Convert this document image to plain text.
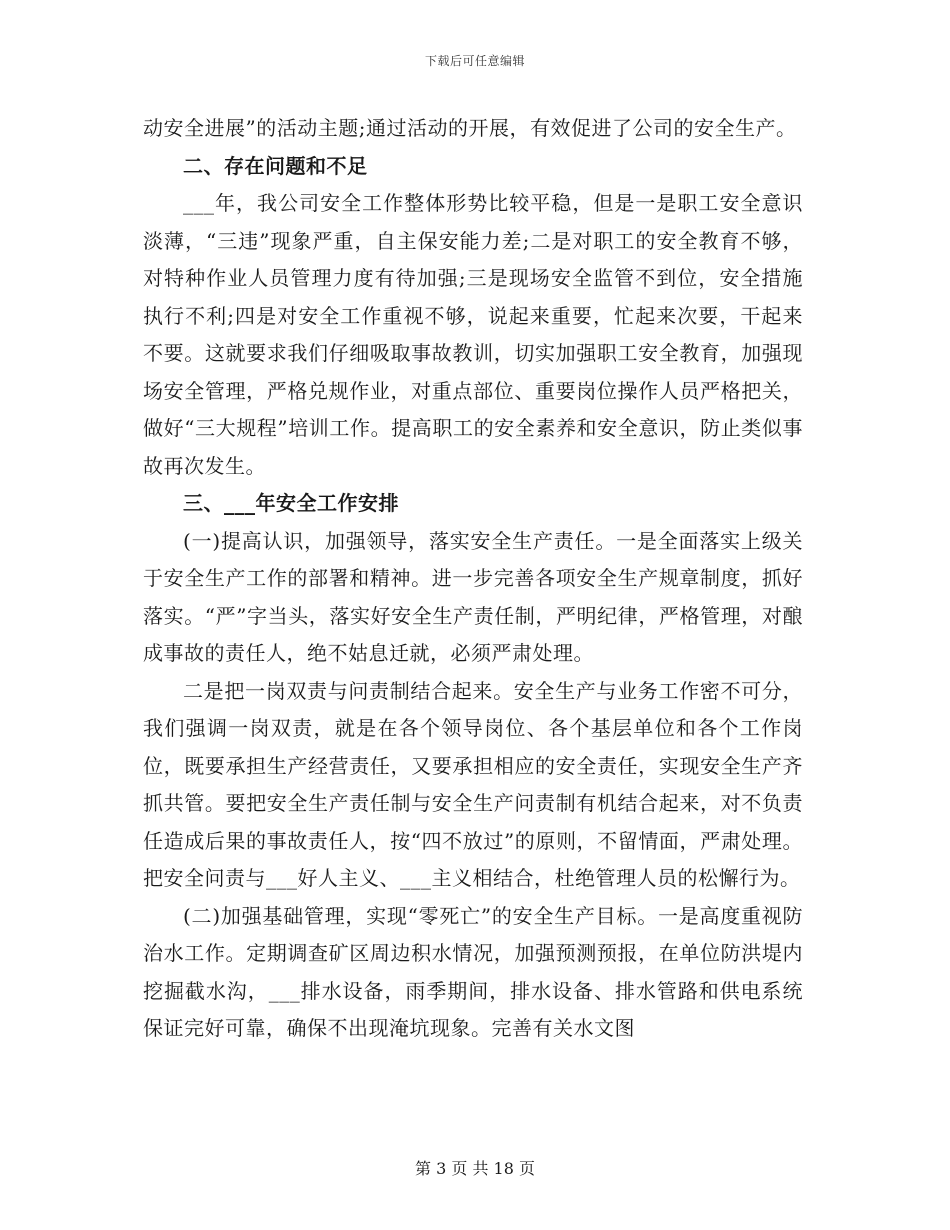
下载后可任意编辑

动安全进展”的活动主题;通过活动的开展，有效促进了公司的安全生产。

二、存在问题和不足

___年，我公司安全工作整体形势比较平稳，但是一是职工安全意识淡薄，“三违”现象严重，自主保安能力差;二是对职工的安全教育不够，对特种作业人员管理力度有待加强;三是现场安全监管不到位，安全措施执行不利;四是对安全工作重视不够，说起来重要，忙起来次要，干起来不要。这就要求我们仔细吸取事故教训，切实加强职工安全教育，加强现场安全管理，严格兑规作业，对重点部位、重要岗位操作人员严格把关，做好“三大规程”培训工作。提高职工的安全素养和安全意识，防止类似事故再次发生。

三、___年安全工作安排

(一)提高认识，加强领导，落实安全生产责任。一是全面落实上级关于安全生产工作的部署和精神。进一步完善各项安全生产规章制度，抓好落实。“严”字当头，落实好安全生产责任制，严明纪律，严格管理，对酿成事故的责任人，绝不姑息迁就，必须严肃处理。

二是把一岗双责与问责制结合起来。安全生产与业务工作密不可分，我们强调一岗双责，就是在各个领导岗位、各个基层单位和各个工作岗位，既要承担生产经营责任，又要承担相应的安全责任，实现安全生产齐抓共管。要把安全生产责任制与安全生产问责制有机结合起来，对不负责任造成后果的事故责任人，按“四不放过”的原则，不留情面，严肃处理。把安全问责与___好人主义、___主义相结合，杜绝管理人员的松懈行为。

(二)加强基础管理，实现“零死亡”的安全生产目标。一是高度重视防治水工作。定期调查矿区周边积水情况，加强预测预报，在单位防洪堤内挖掘截水沟，___排水设备，雨季期间，排水设备、排水管路和供电系统保证完好可靠，确保不出现淹坑现象。完善有关水文图

第 3 页 共 18 页
